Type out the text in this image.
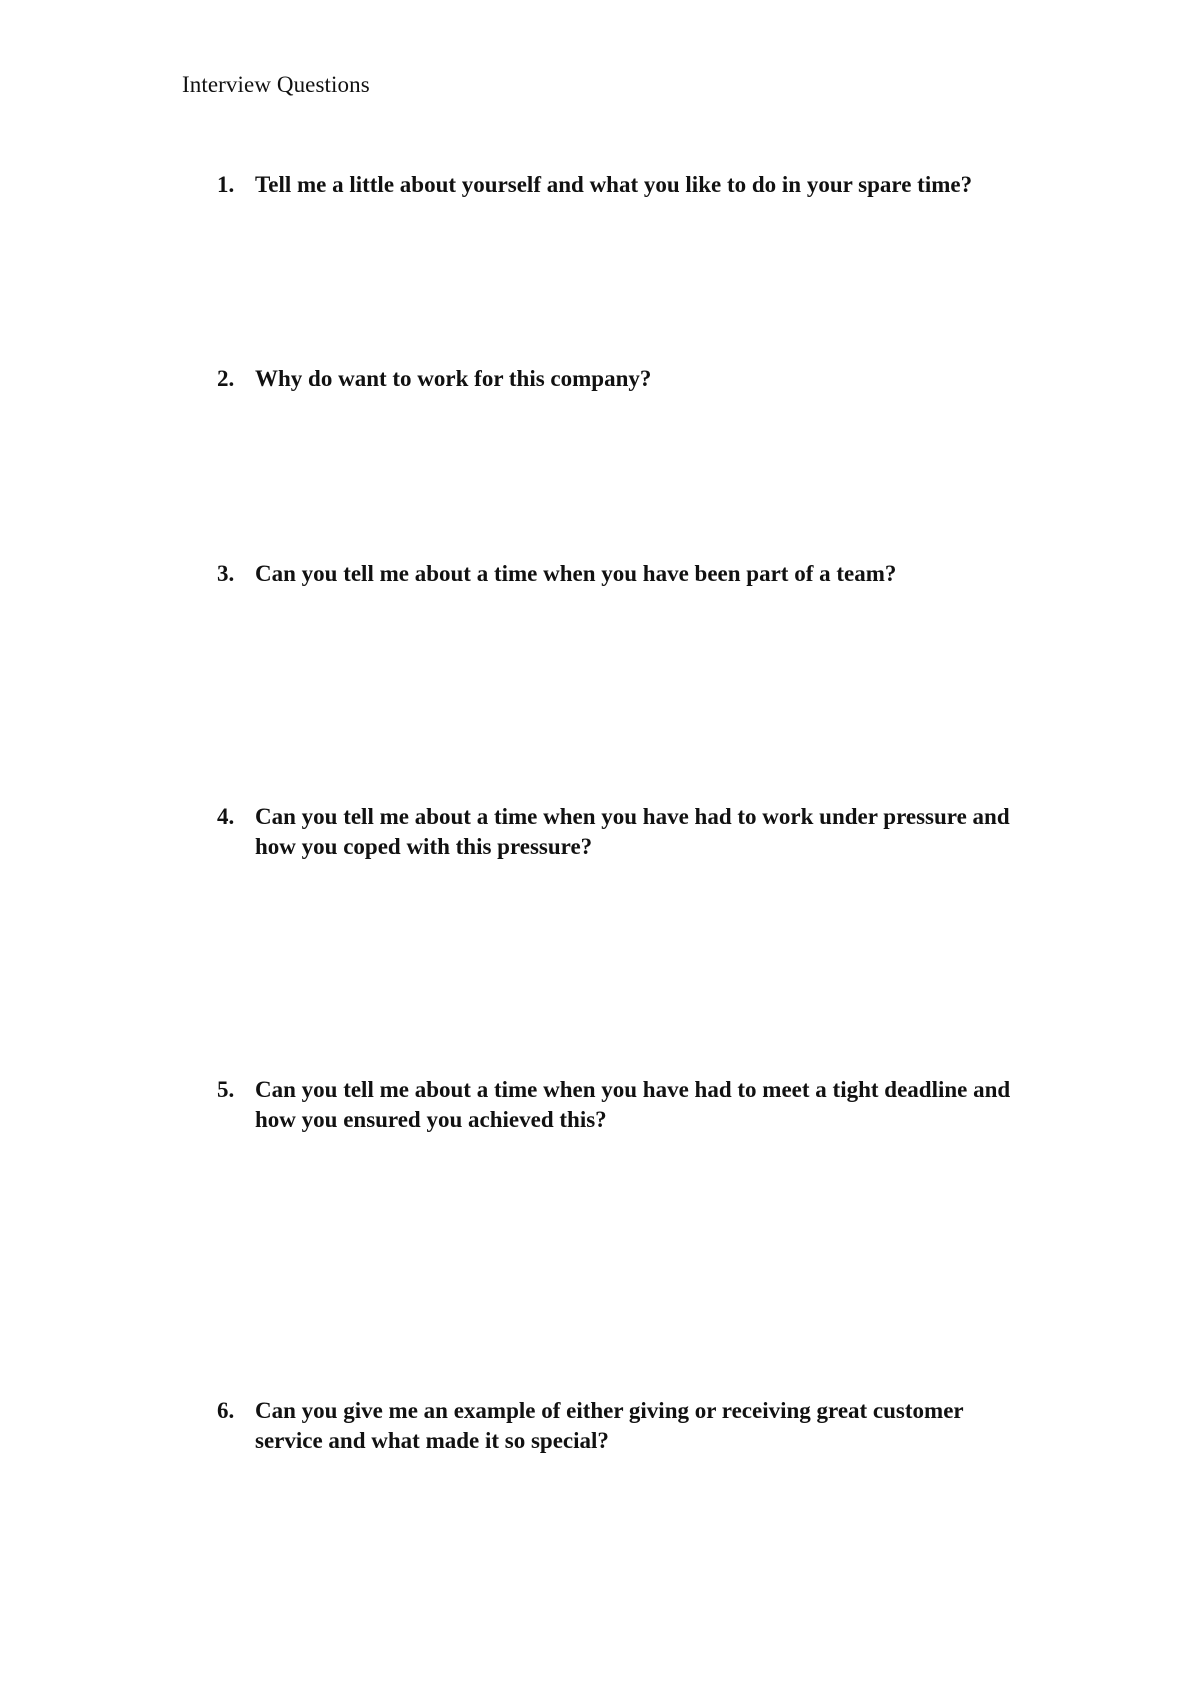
Interview Questions
1. Tell me a little about yourself and what you like to do in your spare time?
2. Why do want to work for this company?
3. Can you tell me about a time when you have been part of a team?
4. Can you tell me about a time when you have had to work under pressure and how you coped with this pressure?
5. Can you tell me about a time when you have had to meet a tight deadline and how you ensured you achieved this?
6. Can you give me an example of either giving or receiving great customer service and what made it so special?
